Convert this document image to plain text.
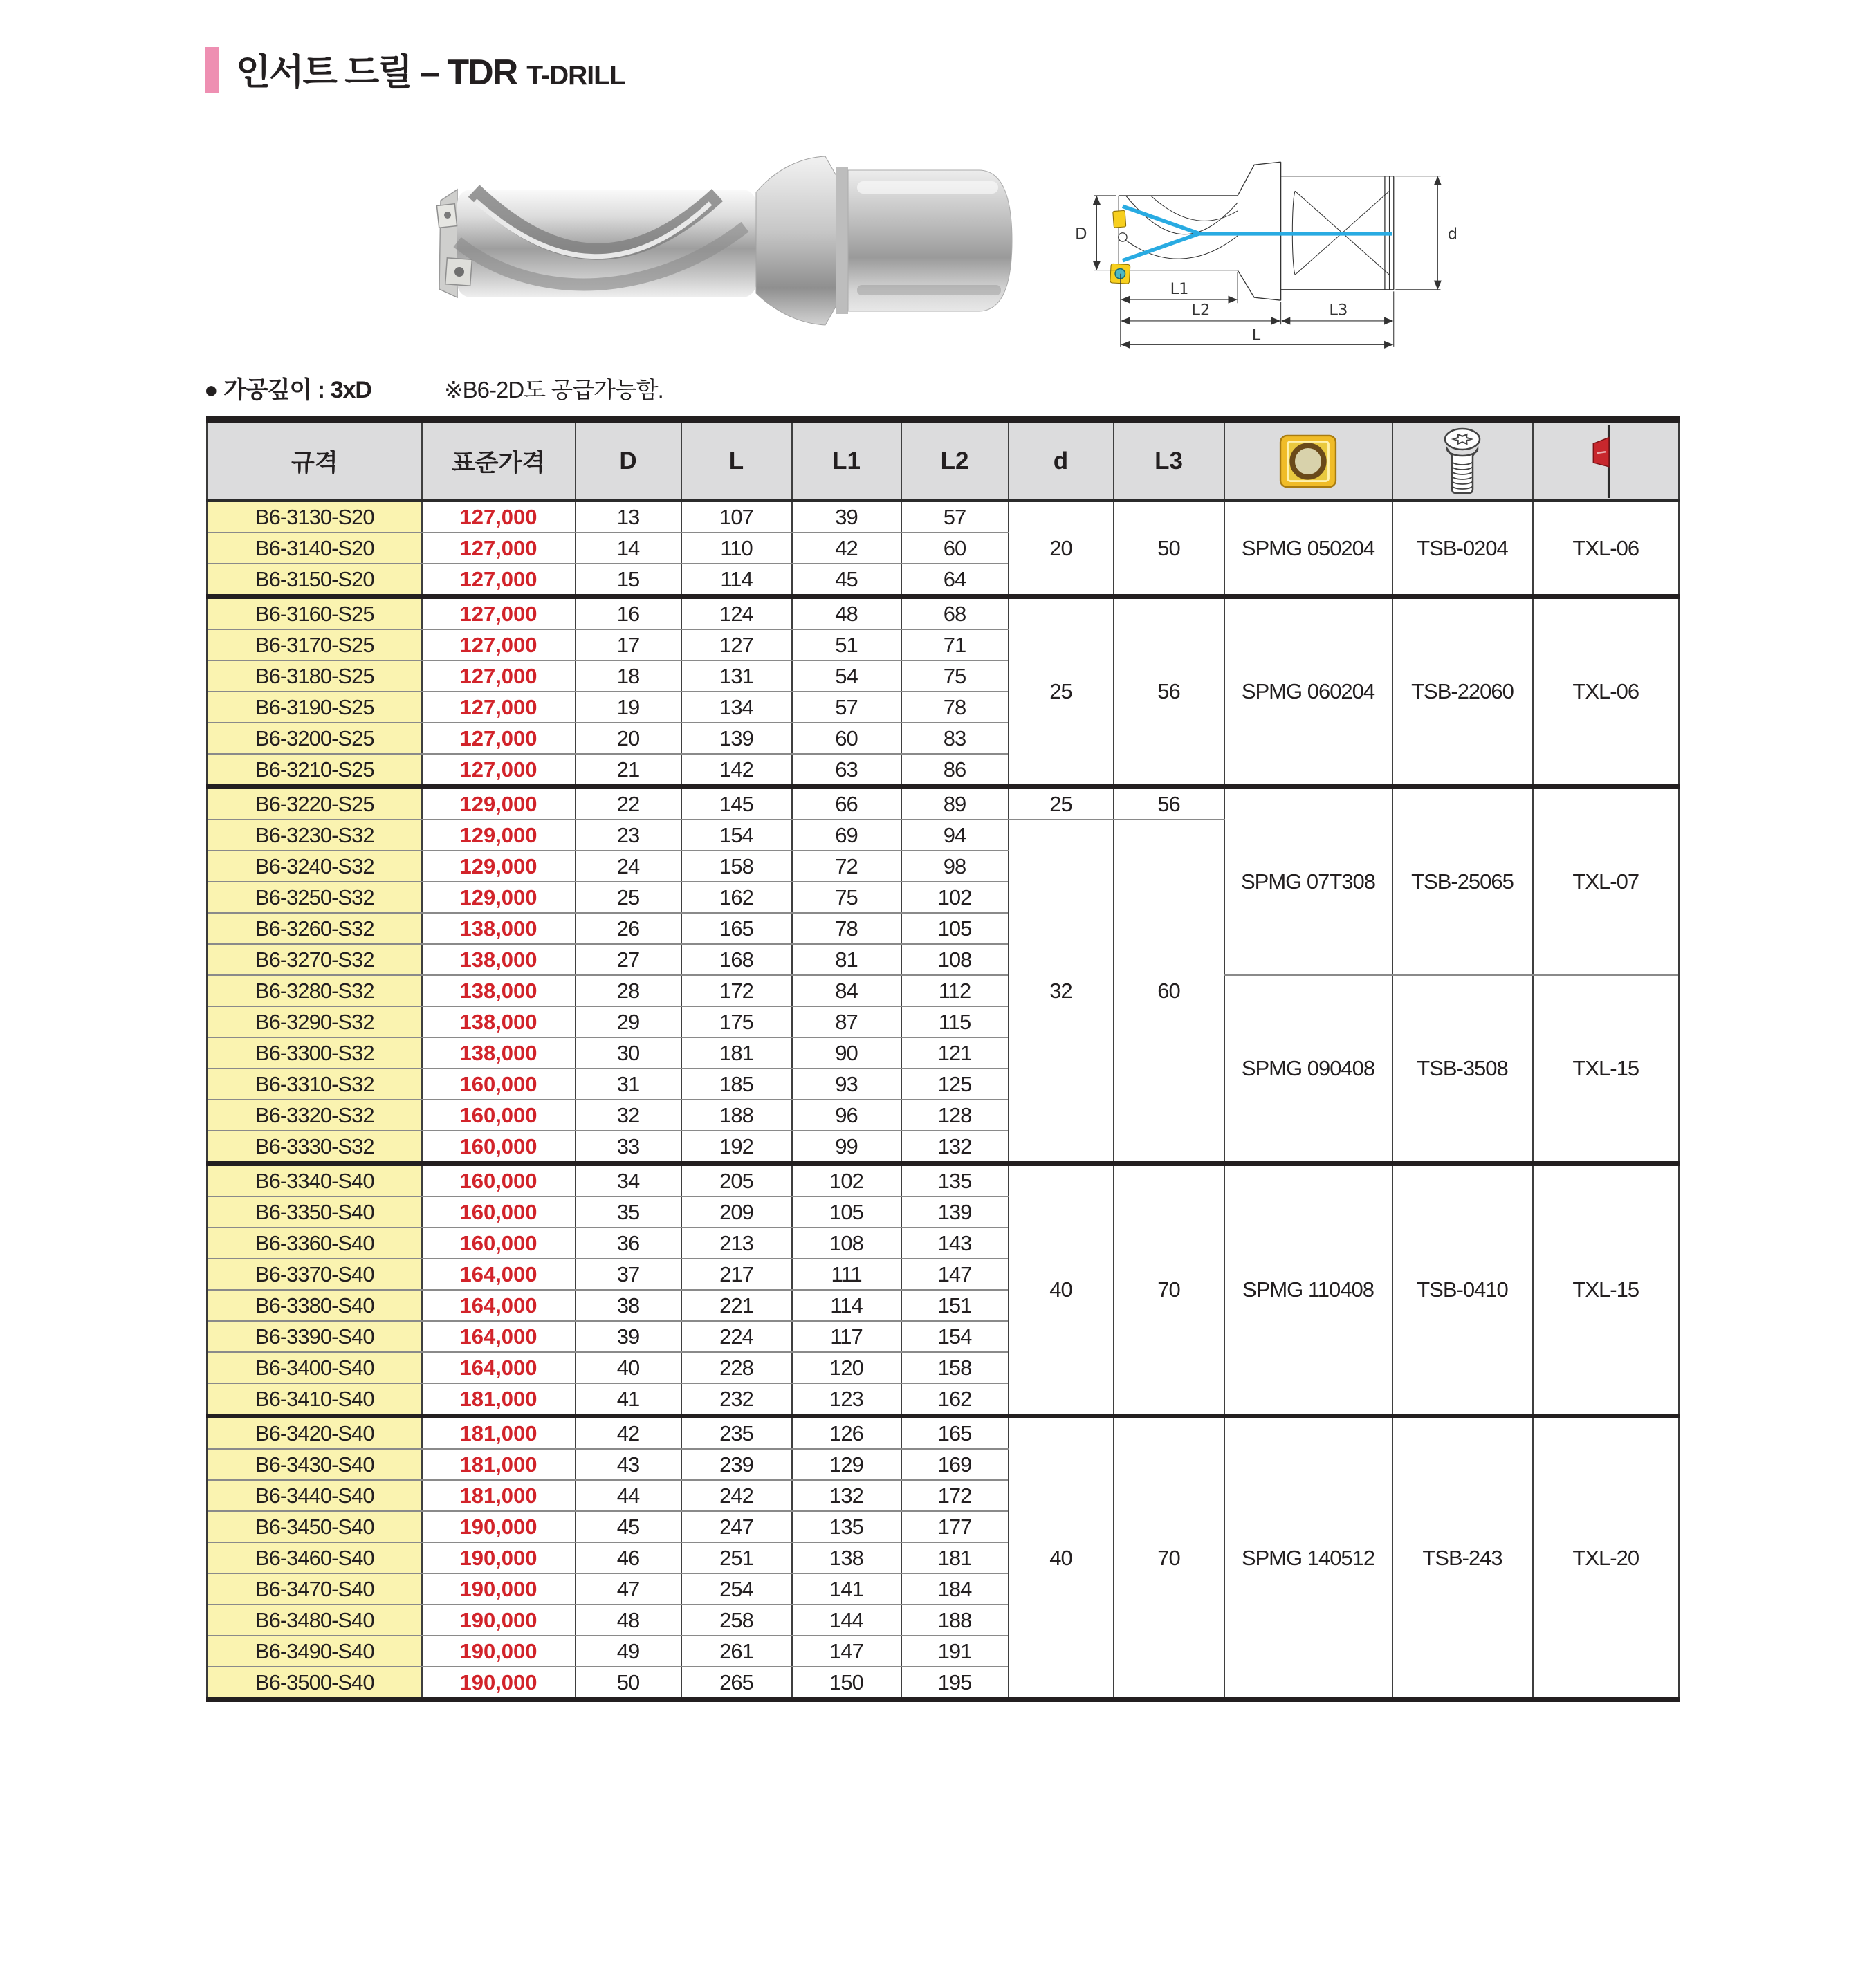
인서트 드릴 – TDR T-DRILL
D	d
L1
L2	L3
L
● 가공깊이 : 3xD	※B6-2D도 공급가능함.
규격	표준가격	D	L	L1	L2	d	L3			
B6-3130-S20	127,000	13	107	39	57	20	50	SPMG 050204	TSB-0204	TXL-06
B6-3140-S20	127,000	14	110	42	60					
B6-3150-S20	127,000	15	114	45	64					
B6-3160-S25	127,000	16	124	48	68	25	56	SPMG 060204	TSB-22060	TXL-06
B6-3170-S25	127,000	17	127	51	71					
B6-3180-S25	127,000	18	131	54	75					
B6-3190-S25	127,000	19	134	57	78					
B6-3200-S25	127,000	20	139	60	83					
B6-3210-S25	127,000	21	142	63	86					
B6-3220-S25	129,000	22	145	66	89	25	56	SPMG 07T308	TSB-25065	TXL-07
B6-3230-S32	129,000	23	154	69	94	32	60			
B6-3240-S32	129,000	24	158	72	98					
B6-3250-S32	129,000	25	162	75	102					
B6-3260-S32	138,000	26	165	78	105					
B6-3270-S32	138,000	27	168	81	108					
B6-3280-S32	138,000	28	172	84	112			SPMG 090408	TSB-3508	TXL-15
B6-3290-S32	138,000	29	175	87	115					
B6-3300-S32	138,000	30	181	90	121					
B6-3310-S32	160,000	31	185	93	125					
B6-3320-S32	160,000	32	188	96	128					
B6-3330-S32	160,000	33	192	99	132					
B6-3340-S40	160,000	34	205	102	135	40	70	SPMG 110408	TSB-0410	TXL-15
B6-3350-S40	160,000	35	209	105	139					
B6-3360-S40	160,000	36	213	108	143					
B6-3370-S40	164,000	37	217	111	147					
B6-3380-S40	164,000	38	221	114	151					
B6-3390-S40	164,000	39	224	117	154					
B6-3400-S40	164,000	40	228	120	158					
B6-3410-S40	181,000	41	232	123	162					
B6-3420-S40	181,000	42	235	126	165	40	70	SPMG 140512	TSB-243	TXL-20
B6-3430-S40	181,000	43	239	129	169					
B6-3440-S40	181,000	44	242	132	172					
B6-3450-S40	190,000	45	247	135	177					
B6-3460-S40	190,000	46	251	138	181					
B6-3470-S40	190,000	47	254	141	184					
B6-3480-S40	190,000	48	258	144	188					
B6-3490-S40	190,000	49	261	147	191					
B6-3500-S40	190,000	50	265	150	195					
